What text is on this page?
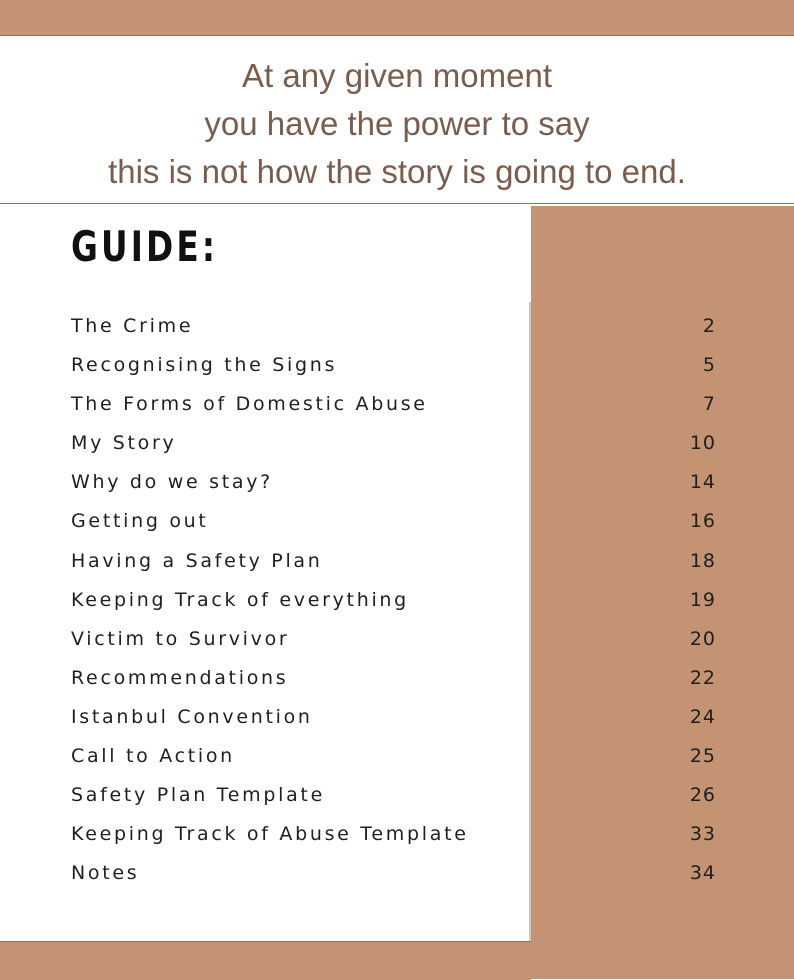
At any given moment
you have the power to say
this is not how the story is going to end.
GUIDE:
The Crime	2
Recognising the Signs	5
The Forms of Domestic Abuse	7
My Story	10
Why do we stay?	14
Getting out	16
Having a Safety Plan	18
Keeping Track of everything	19
Victim to Survivor	20
Recommendations	22
Istanbul Convention	24
Call to Action	25
Safety Plan Template	26
Keeping Track of Abuse Template	33
Notes	34
